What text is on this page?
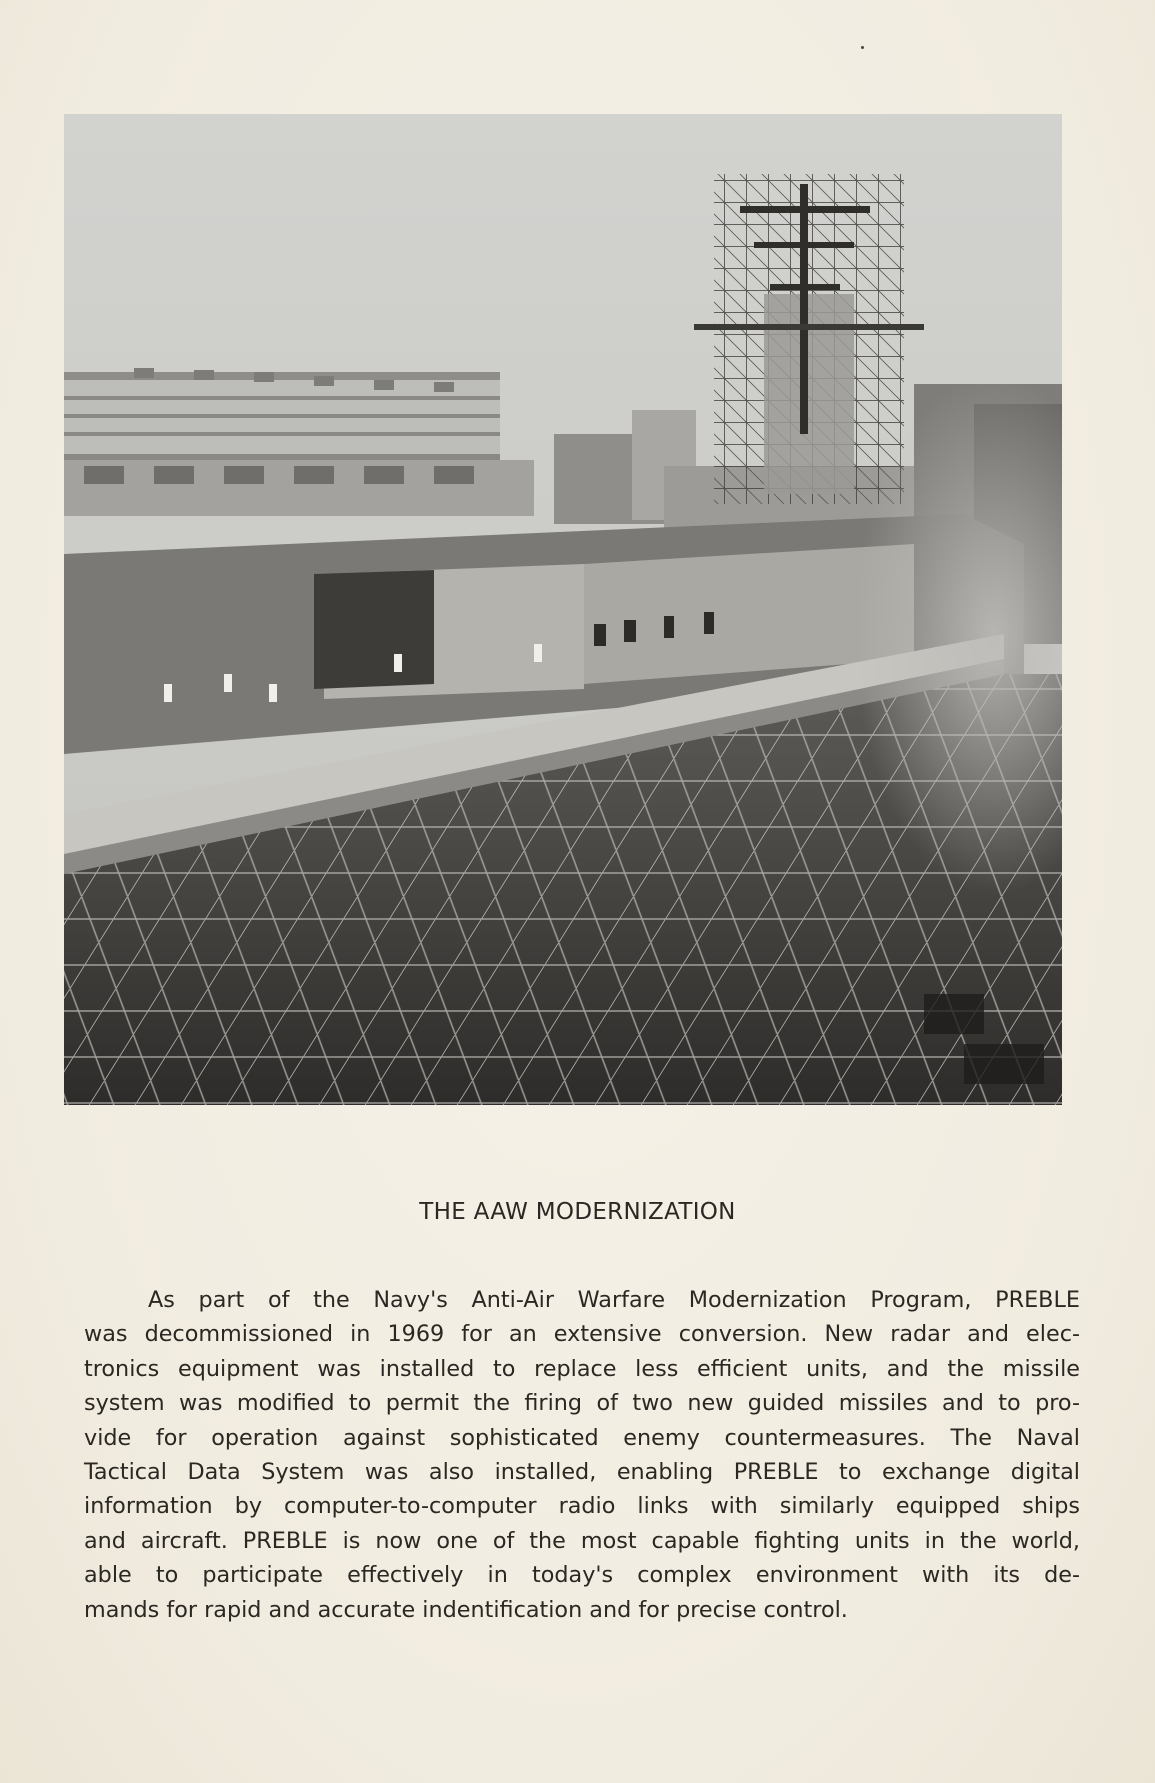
THE AAW MODERNIZATION
As part of the Navy's Anti-Air Warfare Modernization Program, PREBLE
was decommissioned in 1969 for an extensive conversion. New radar and elec-
tronics equipment was installed to replace less efficient units, and the missile
system was modified to permit the firing of two new guided missiles and to pro-
vide for operation against sophisticated enemy countermeasures. The Naval
Tactical Data System was also installed, enabling PREBLE to exchange digital
information by computer-to-computer radio links with similarly equipped ships
and aircraft. PREBLE is now one of the most capable fighting units in the world,
able to participate effectively in today's complex environment with its de-
mands for rapid and accurate indentification and for precise control.
